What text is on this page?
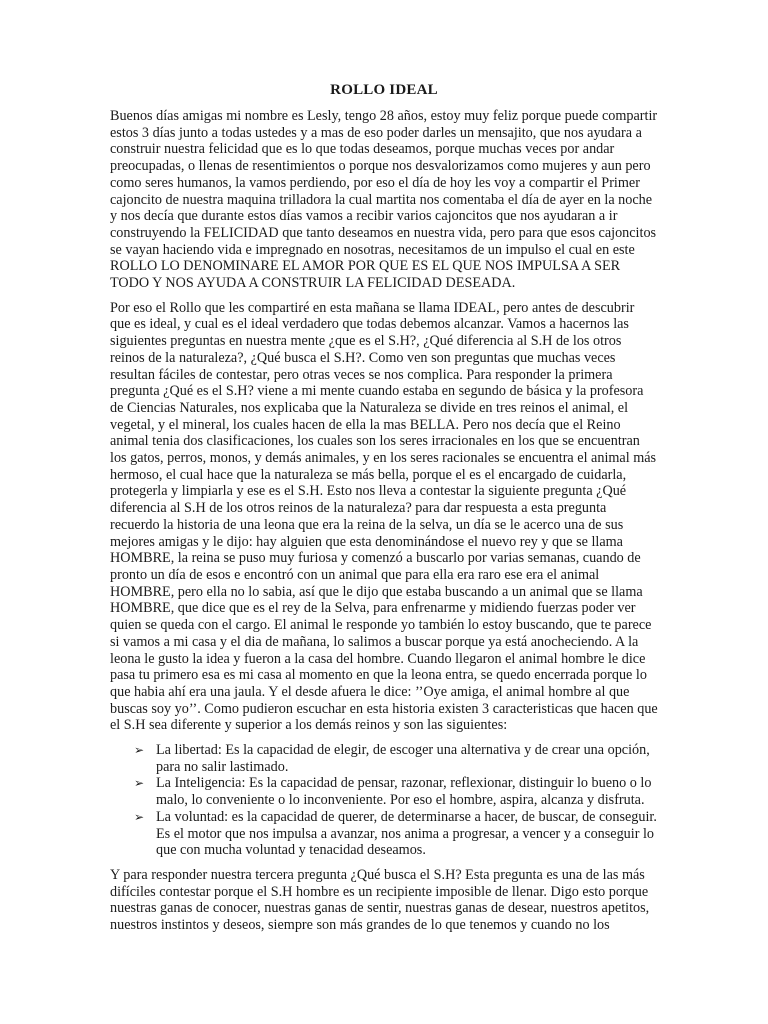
ROLLO IDEAL

Buenos días amigas mi nombre es Lesly, tengo 28 años, estoy muy feliz porque puede compartir estos 3 días junto a todas ustedes y a mas de eso poder darles un mensajito, que nos ayudara a construir nuestra felicidad que es lo que todas deseamos, porque muchas veces por andar preocupadas, o llenas de resentimientos o porque nos desvalorizamos como mujeres y aun pero como seres humanos, la vamos perdiendo, por eso el día de hoy les voy a compartir el Primer cajoncito de nuestra maquina trilladora la cual martita nos comentaba el día de ayer en la noche y nos decía que durante estos días vamos a recibir varios cajoncitos que nos ayudaran a ir construyendo la FELICIDAD que tanto deseamos en nuestra vida, pero para que esos cajoncitos se vayan haciendo vida e impregnado en nosotras, necesitamos de un impulso el cual en este ROLLO LO DENOMINARE EL AMOR POR QUE ES EL QUE NOS IMPULSA A SER TODO Y NOS AYUDA A CONSTRUIR LA FELICIDAD DESEADA.

Por eso el Rollo que les compartiré en esta mañana se llama IDEAL, pero antes de descubrir que es ideal, y cual es el ideal verdadero que todas debemos alcanzar. Vamos a hacernos las siguientes preguntas en nuestra mente ¿que es el S.H?, ¿Qué diferencia al S.H de los otros reinos de la naturaleza?, ¿Qué busca el S.H?. Como ven son preguntas que muchas veces resultan fáciles de contestar, pero otras veces se nos complica. Para responder la primera pregunta ¿Qué es el S.H? viene a mi mente cuando estaba en segundo de básica y la profesora de Ciencias Naturales, nos explicaba que la Naturaleza se divide en tres reinos el animal, el vegetal, y el mineral, los cuales hacen de ella la mas BELLA. Pero nos decía que el Reino animal tenia dos clasificaciones, los cuales son los seres irracionales en los que se encuentran los gatos, perros, monos, y demás animales, y en los seres racionales se encuentra el animal más hermoso, el cual hace que la naturaleza se más bella, porque el es el encargado de cuidarla, protegerla y limpiarla y ese es el S.H. Esto nos lleva a contestar la siguiente pregunta ¿Qué diferencia al S.H de los otros reinos de la naturaleza? para dar respuesta a esta pregunta recuerdo la historia de una leona que era la reina de la selva, un día se le acerco una de sus mejores amigas y le dijo: hay alguien que esta denominándose el nuevo rey y que se llama HOMBRE, la reina se puso muy furiosa y comenzó a buscarlo por varias semanas, cuando de pronto un día de esos e encontró con un animal que para ella era raro ese era el animal HOMBRE, pero ella no lo sabia, así que le dijo que estaba buscando a un animal que se llama HOMBRE, que dice que es el rey de la Selva, para enfrenarme y midiendo fuerzas poder ver quien se queda con el cargo. El animal le responde yo también lo estoy buscando, que te parece si vamos a mi casa y el dia de mañana, lo salimos a buscar porque ya está anocheciendo. A la leona le gusto la idea y fueron a la casa del hombre. Cuando llegaron el animal hombre le dice pasa tu primero esa es mi casa al momento en que la leona entra, se quedo encerrada porque lo que habia ahí era una jaula. Y el desde afuera le dice: ’’Oye amiga, el animal hombre al que buscas soy yo’’. Como pudieron escuchar en esta historia existen 3 caracteristicas que hacen que el S.H sea diferente y superior a los demás reinos y son las siguientes:

➢ La libertad: Es la capacidad de elegir, de escoger una alternativa y de crear una opción, para no salir lastimado.
➢ La Inteligencia: Es la capacidad de pensar, razonar, reflexionar, distinguir lo bueno o lo malo, lo conveniente o lo inconveniente. Por eso el hombre, aspira, alcanza y disfruta.
➢ La voluntad: es la capacidad de querer, de determinarse a hacer, de buscar, de conseguir. Es el motor que nos impulsa a avanzar, nos anima a progresar, a vencer y a conseguir lo que con mucha voluntad y tenacidad deseamos.

Y para responder nuestra tercera pregunta ¿Qué busca el S.H? Esta pregunta es una de las más difíciles contestar porque el S.H hombre es un recipiente imposible de llenar. Digo esto porque nuestras ganas de conocer, nuestras ganas de sentir, nuestras ganas de desear, nuestros apetitos, nuestros instintos y deseos, siempre son más grandes de lo que tenemos y cuando no los
